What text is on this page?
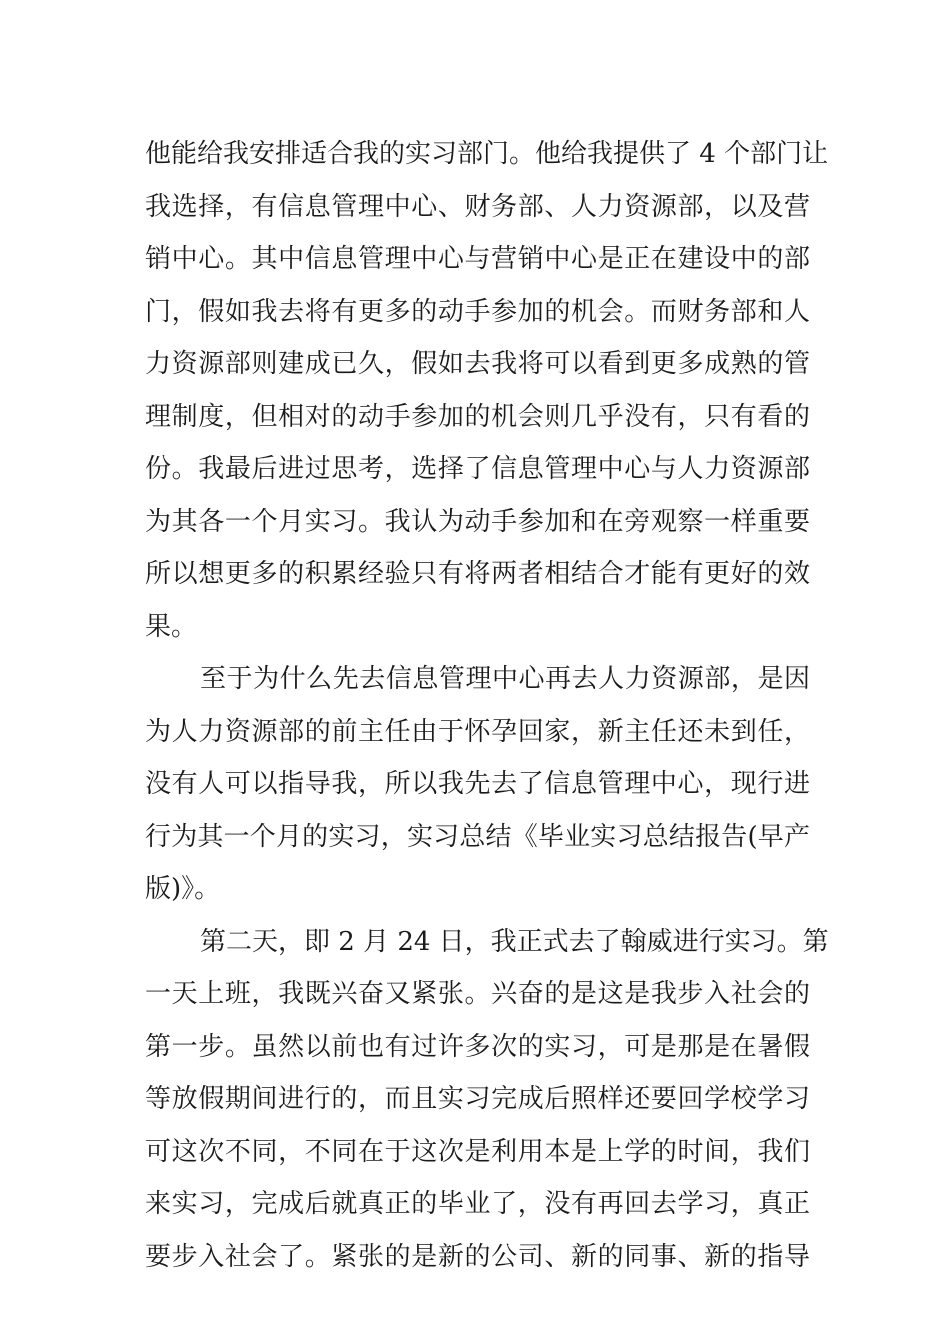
他能给我安排适合我的实习部门。他给我提供了 4 个部门让
我选择，有信息管理中心、财务部、人力资源部，以及营
销中心。其中信息管理中心与营销中心是正在建设中的部
门，假如我去将有更多的动手参加的机会。而财务部和人
力资源部则建成已久，假如去我将可以看到更多成熟的管
理制度，但相对的动手参加的机会则几乎没有，只有看的
份。我最后进过思考，选择了信息管理中心与人力资源部
为其各一个月实习。我认为动手参加和在旁观察一样重要
所以想更多的积累经验只有将两者相结合才能有更好的效
果。
至于为什么先去信息管理中心再去人力资源部，是因
为人力资源部的前主任由于怀孕回家，新主任还未到任，
没有人可以指导我，所以我先去了信息管理中心，现行进
行为其一个月的实习，实习总结《毕业实习总结报告(早产
版)》。
第二天，即 2 月 24 日，我正式去了翰威进行实习。第
一天上班，我既兴奋又紧张。兴奋的是这是我步入社会的
第一步。虽然以前也有过许多次的实习，可是那是在暑假
等放假期间进行的，而且实习完成后照样还要回学校学习
可这次不同，不同在于这次是利用本是上学的时间，我们
来实习，完成后就真正的毕业了，没有再回去学习，真正
要步入社会了。紧张的是新的公司、新的同事、新的指导
